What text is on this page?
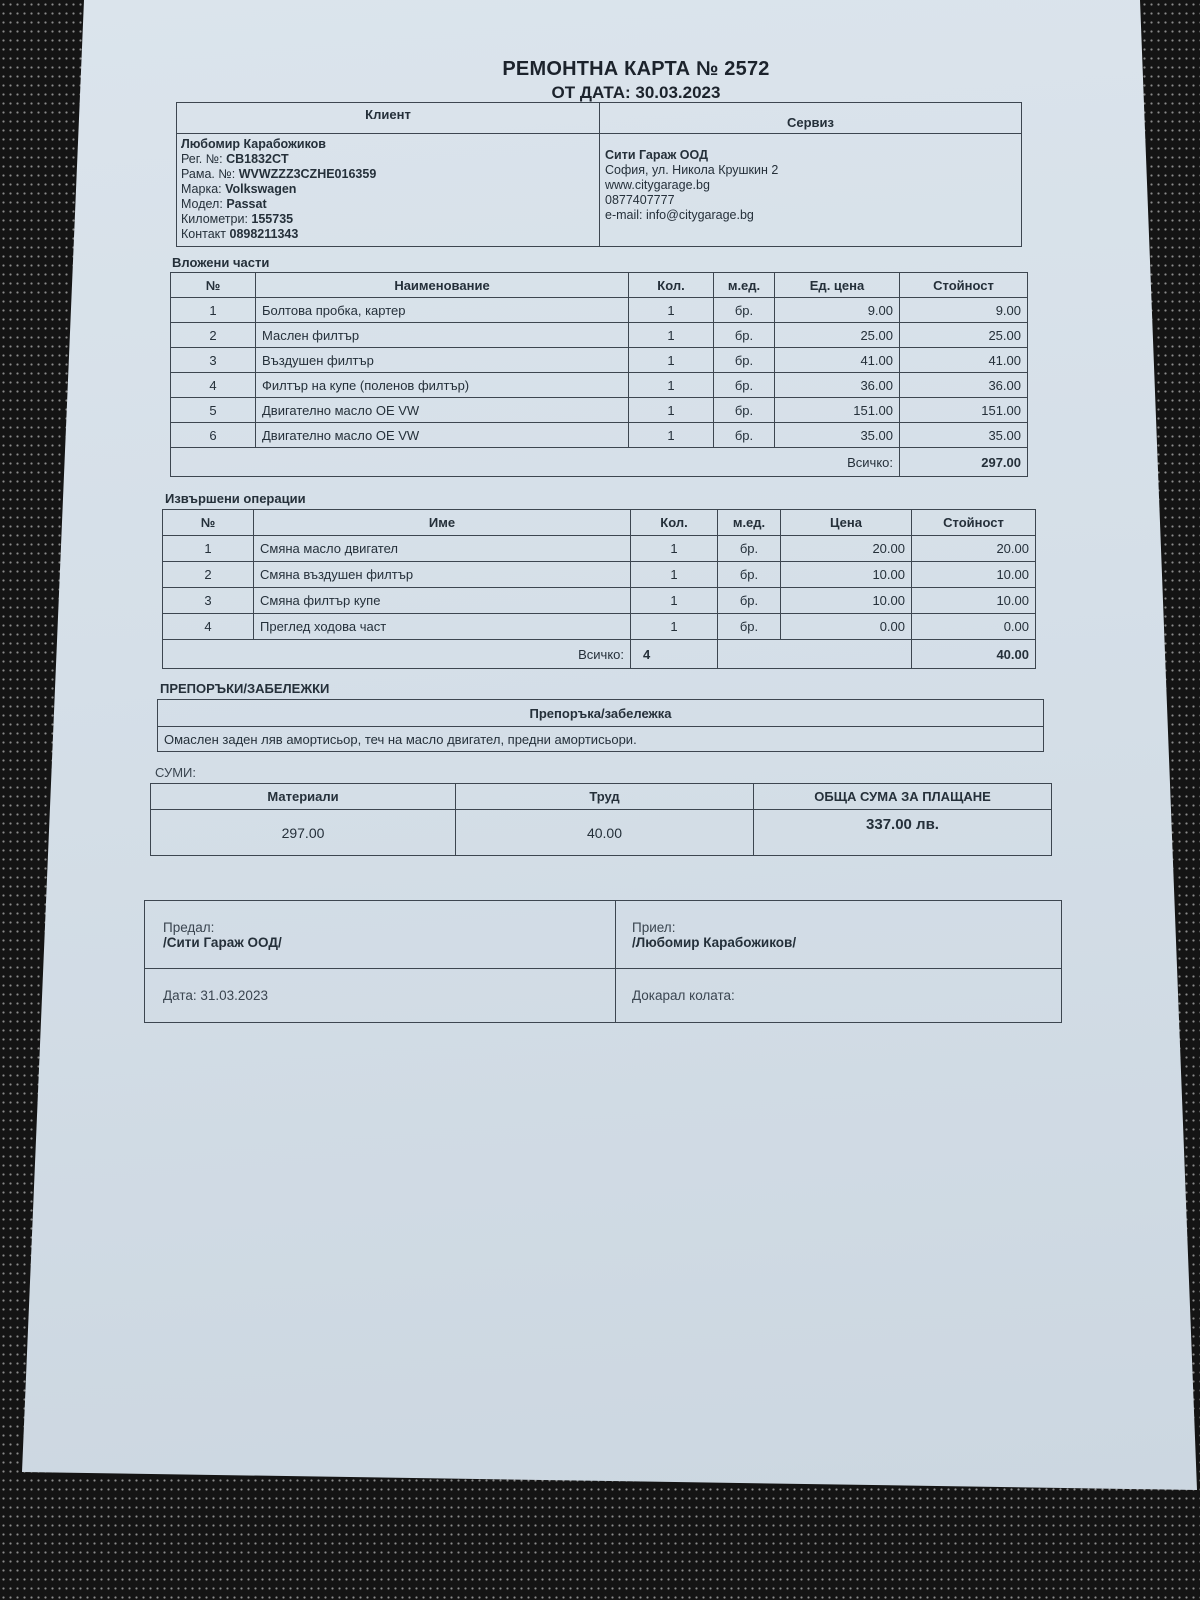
РЕМОНТНА КАРТА № 2572
ОТ ДАТА: 30.03.2023
Клиент	Сервиз

Любомир Карабожиков
Рег. №: CB1832CT
Рама. №: WVWZZZ3CZHE016359
Марка: Volkswagen
Модел: Passat
Километри: 155735
Контакт 0898211343

Сити Гараж ООД
София, ул. Никола Крушкин 2
www.citygarage.bg
0877407777
e-mail: info@citygarage.bg
Вложени части
№	Наименование	Кол.	м.ед.	Ед. цена	Стойност
1	Болтова пробка, картер	1	бр.	9.00	9.00
2	Маслен филтър	1	бр.	25.00	25.00
3	Въздушен филтър	1	бр.	41.00	41.00
4	Филтър на купе (поленов филтър)	1	бр.	36.00	36.00
5	Двигателно масло OE VW	1	бр.	151.00	151.00
6	Двигателно масло OE VW	1	бр.	35.00	35.00
Всичко:					297.00
Извършени операции
№	Име	Кол.	м.ед.	Цена	Стойност
1	Смяна масло двигател	1	бр.	20.00	20.00
2	Смяна въздушен филтър	1	бр.	10.00	10.00
3	Смяна филтър купе	1	бр.	10.00	10.00
4	Преглед ходова част	1	бр.	0.00	0.00
Всичко:		4			40.00
ПРЕПОРЪКИ/ЗАБЕЛЕЖКИ
Препоръка/забележка
Омаслен заден ляв амортисьор, теч на масло двигател, предни амортисьори.
СУМИ:
Материали	Труд	ОБЩА СУМА ЗА ПЛАЩАНЕ
297.00	40.00	337.00 лв.
Предал:
/Сити Гараж ООД/

Приел:
/Любомир Карабожиков/

Дата: 31.03.2023	Докарал колата:
